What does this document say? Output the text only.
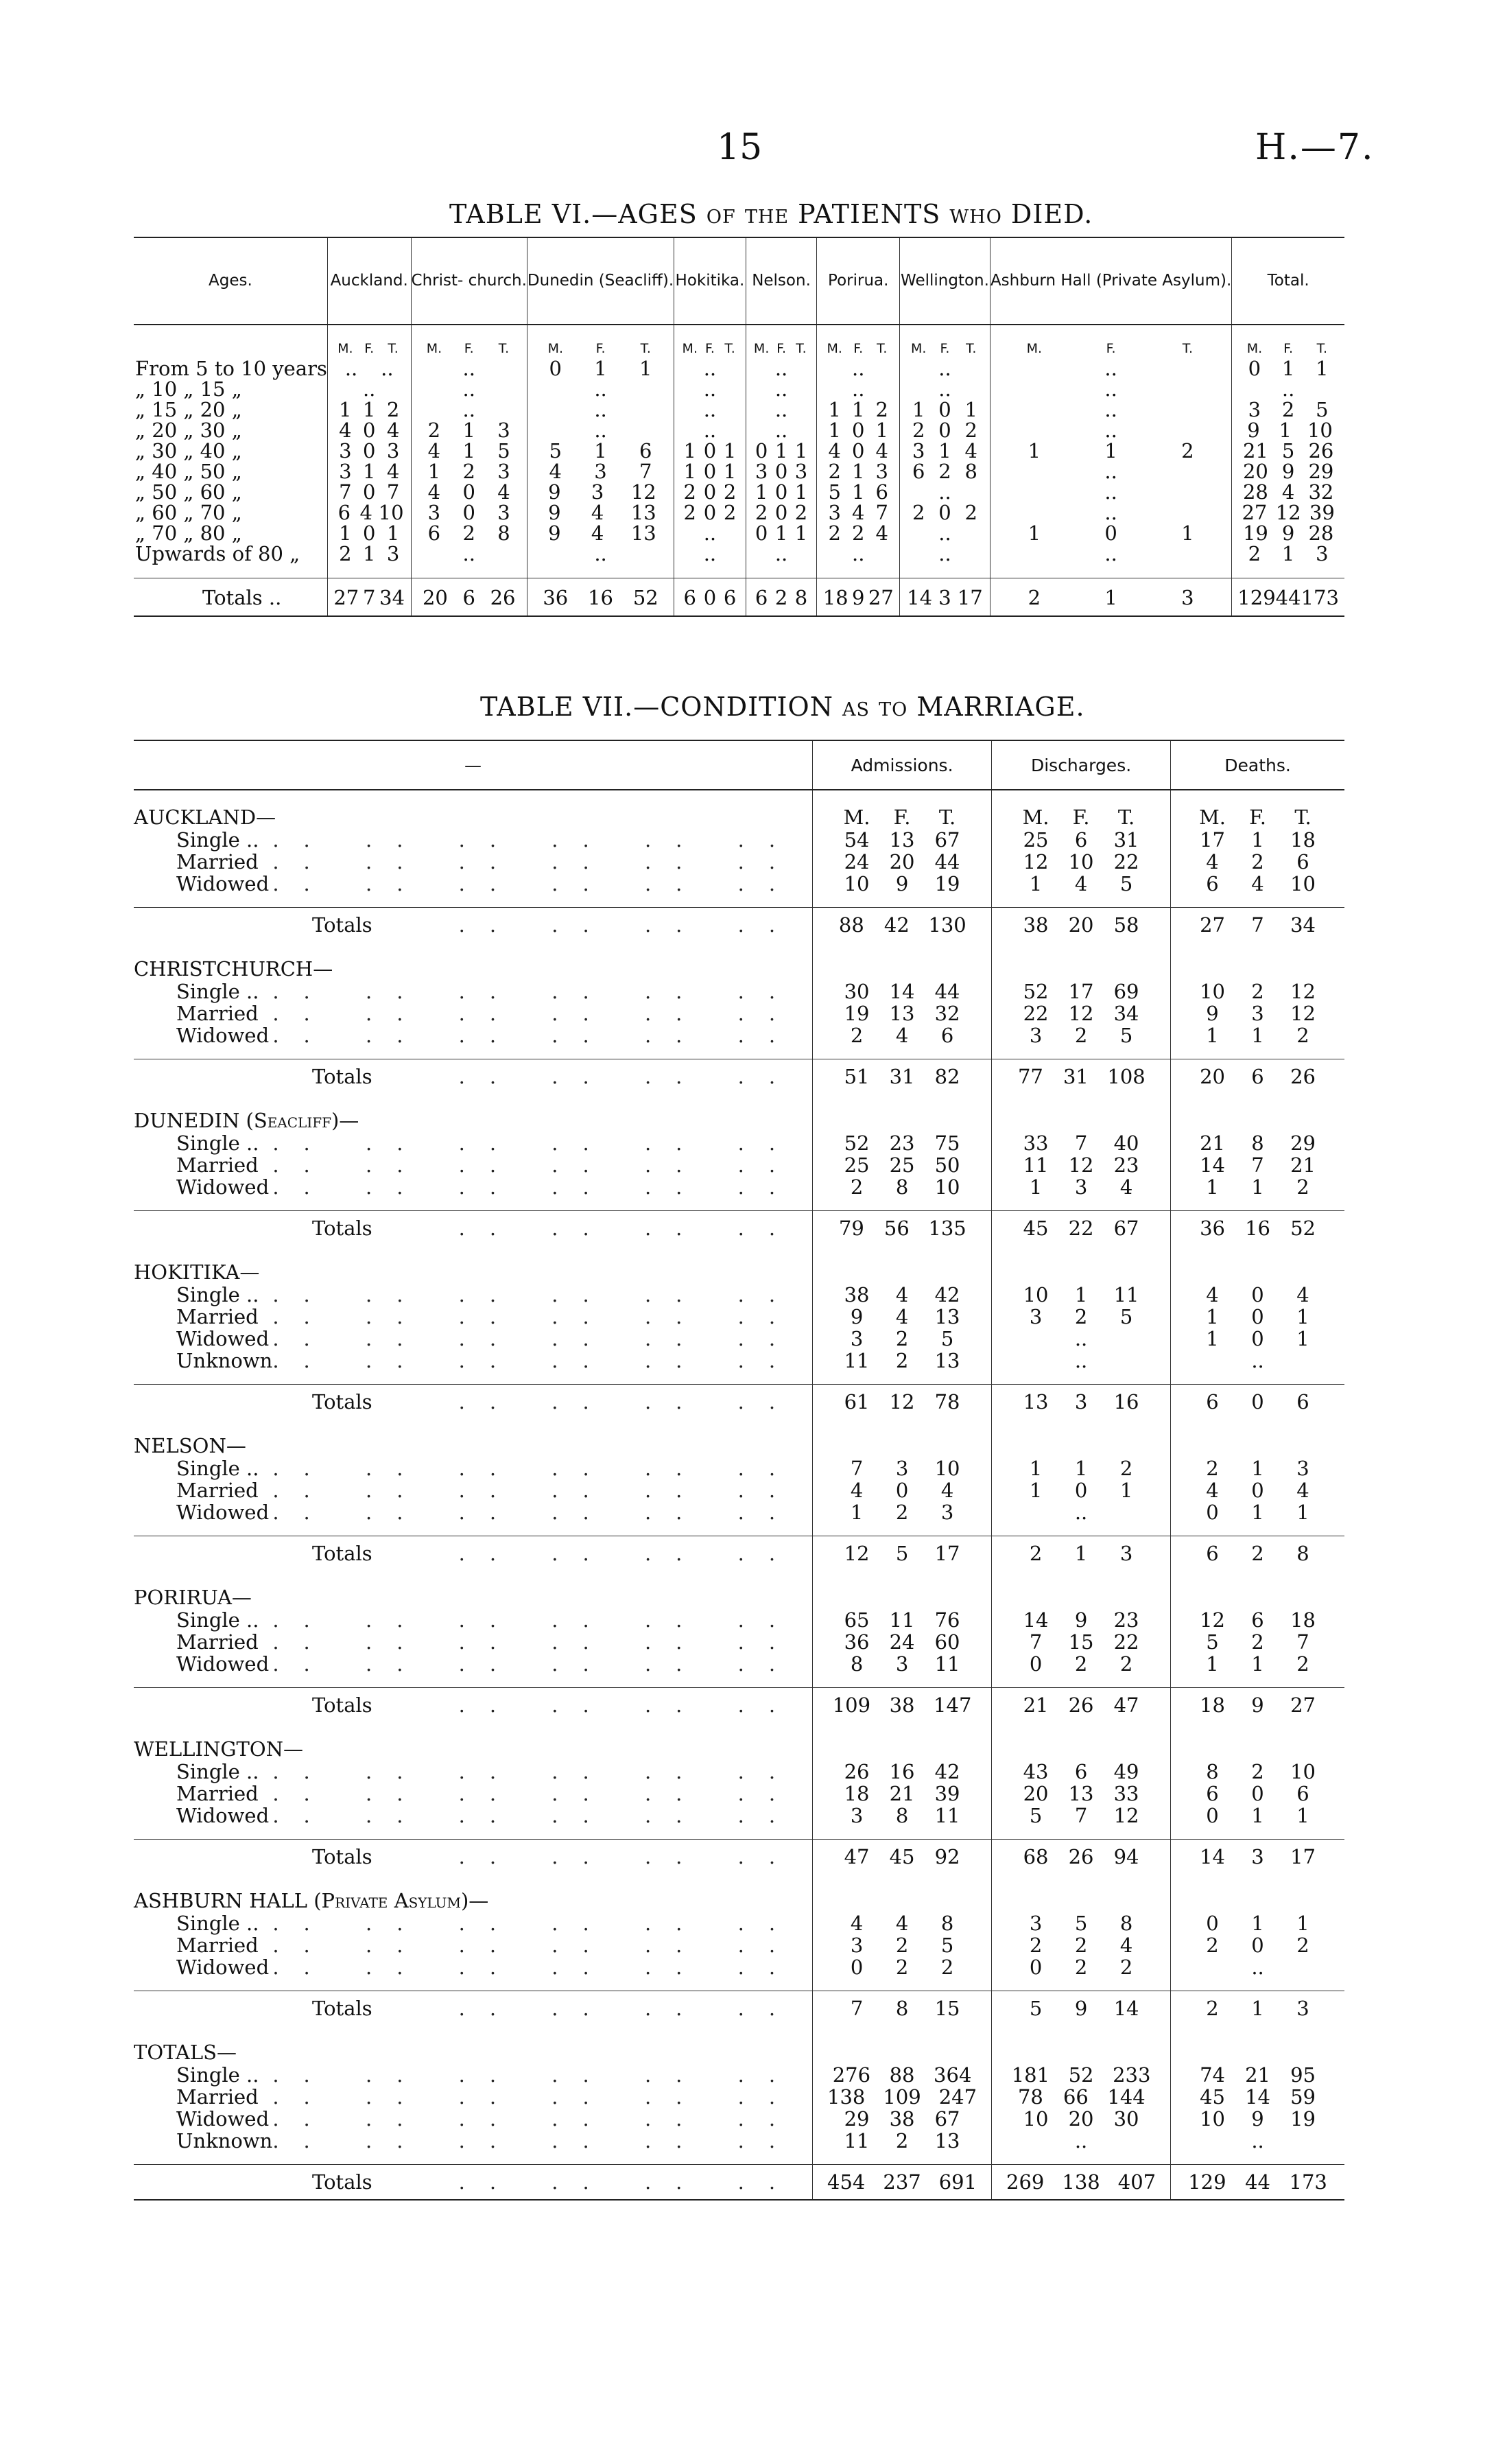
15	H.—7.
TABLE VI.—AGES of the PATIENTS who DIED.
Ages.	Auckland.	Christ- church.	Dunedin (Seacliff).	Hokitika.	Nelson.	Porirua.	Wellington.	Ashburn Hall (Private Asylum).	Total.

	M. F. T.	M. F. T.	M. F. T.	M. F. T.	M. F. T.	M. F. T.	M. F. T.	M. F. T.	M. F. T.

From 5 to 10 years	.. ..	..	0 1 1	..	..	..	..	..	0 1 1

„ 10 „ 15 „	..	..	..	..	..	..	..	..	..

„ 15 „ 20 „	1 1 2	..	..	..	..	1 1 2	1 0 1	..	3 2 5

„ 20 „ 30 „	4 0 4	2 1 3	..	..	..	1 0 1	2 0 2	..	9 1 10

„ 30 „ 40 „	3 0 3	4 1 5	5 1 6	1 0 1	0 1 1	4 0 4	3 1 4	1 1 2	21 5 26

„ 40 „ 50 „	3 1 4	1 2 3	4 3 7	1 0 1	3 0 3	2 1 3	6 2 8	..	20 9 29

„ 50 „ 60 „	7 0 7	4 0 4	9 3 12	2 0 2	1 0 1	5 1 6	..	..	28 4 32

„ 60 „ 70 „	6 4 10	3 0 3	9 4 13	2 0 2	2 0 2	3 4 7	2 0 2	..	27 12 39

„ 70 „ 80 „	1 0 1	6 2 8	9 4 13	..	0 1 1	2 2 4	..	1 0 1	19 9 28

Upwards of 80 „	2 1 3	..	..	..	..	..	..	..	2 1 3

Totals ..	27 7 34	20 6 26	36 16 52	6 0 6	6 2 8	18 9 27	14 3 17	2 1 3	129 44 173
TABLE VII.—CONDITION as to MARRIAGE.
—	Admissions.	Discharges.	Deaths.
AUCKLAND—	M. F. T.	M. F. T.	M. F. T.

Single .. .. .. .. .. .. ..	54 13 67	25 6 31	17 1 18

Married .. .. .. .. .. ..	24 20 44	12 10 22	4 2 6

Widowed .. .. .. .. .. ..	10 9 19	1 4 5	6 4 10

Totals .. .. .. ..	88 42 130	38 20 58	27 7 34

CHRISTCHURCH—			

Single .. .. .. .. .. .. ..	30 14 44	52 17 69	10 2 12

Married .. .. .. .. .. ..	19 13 32	22 12 34	9 3 12

Widowed .. .. .. .. .. ..	2 4 6	3 2 5	1 1 2

Totals .. .. .. ..	51 31 82	77 31 108	20 6 26

DUNEDIN (Seacliff)—			

Single .. .. .. .. .. .. ..	52 23 75	33 7 40	21 8 29

Married .. .. .. .. .. ..	25 25 50	11 12 23	14 7 21

Widowed .. .. .. .. .. ..	2 8 10	1 3 4	1 1 2

Totals .. .. .. ..	79 56 135	45 22 67	36 16 52

HOKITIKA—			

Single .. .. .. .. .. .. ..	38 4 42	10 1 11	4 0 4

Married .. .. .. .. .. ..	9 4 13	3 2 5	1 0 1

Widowed .. .. .. .. .. ..	3 2 5	..	1 0 1

Unknown .. .. .. .. .. ..	11 2 13	..	..

Totals .. .. .. ..	61 12 78	13 3 16	6 0 6

NELSON—			

Single .. .. .. .. .. .. ..	7 3 10	1 1 2	2 1 3

Married .. .. .. .. .. ..	4 0 4	1 0 1	4 0 4

Widowed .. .. .. .. .. ..	1 2 3	..	0 1 1

Totals .. .. .. ..	12 5 17	2 1 3	6 2 8

PORIRUA—			

Single .. .. .. .. .. .. ..	65 11 76	14 9 23	12 6 18

Married .. .. .. .. .. ..	36 24 60	7 15 22	5 2 7

Widowed .. .. .. .. .. ..	8 3 11	0 2 2	1 1 2

Totals .. .. .. ..	109 38 147	21 26 47	18 9 27

WELLINGTON—			

Single .. .. .. .. .. .. ..	26 16 42	43 6 49	8 2 10

Married .. .. .. .. .. ..	18 21 39	20 13 33	6 0 6

Widowed .. .. .. .. .. ..	3 8 11	5 7 12	0 1 1

Totals .. .. .. ..	47 45 92	68 26 94	14 3 17

ASHBURN HALL (Private Asylum)—			

Single .. .. .. .. .. .. ..	4 4 8	3 5 8	0 1 1

Married .. .. .. .. .. ..	3 2 5	2 2 4	2 0 2

Widowed .. .. .. .. .. ..	0 2 2	0 2 2	..

Totals .. .. .. ..	7 8 15	5 9 14	2 1 3

TOTALS—			

Single .. .. .. .. .. .. ..	276 88 364	181 52 233	74 21 95

Married .. .. .. .. .. ..	138 109 247	78 66 144	45 14 59

Widowed .. .. .. .. .. ..	29 38 67	10 20 30	10 9 19

Unknown .. .. .. .. .. ..	11 2 13	..	..

Totals .. .. .. ..	454 237 691	269 138 407	129 44 173
